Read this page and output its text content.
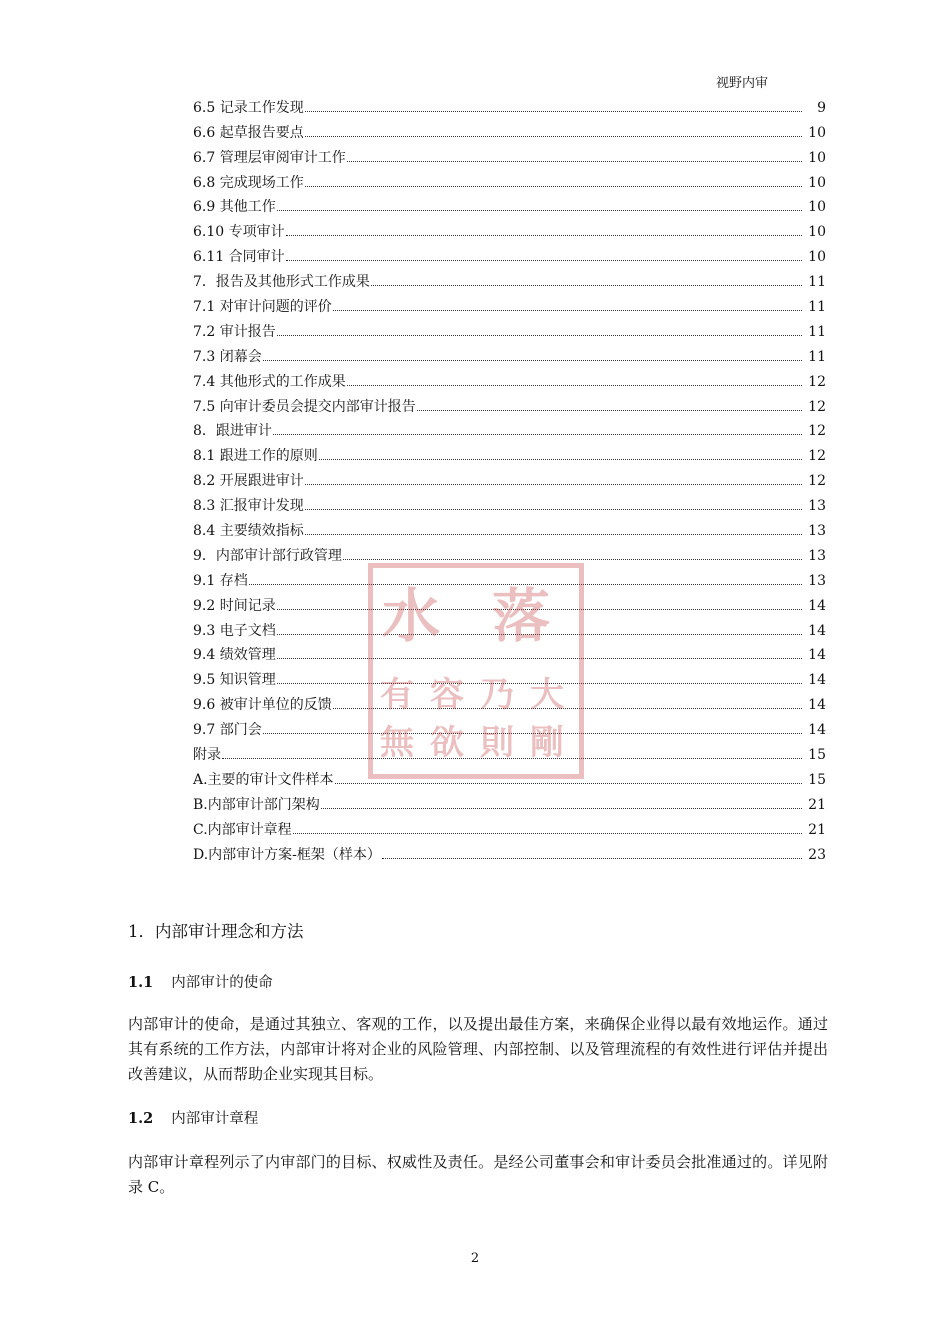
视野内审
6.5 记录工作发现	9
6.6 起草报告要点	10
6.7 管理层审阅审计工作	10
6.8 完成现场工作	10
6.9 其他工作	10
6.10 专项审计	10
6.11 合同审计	10
7．报告及其他形式工作成果	11
7.1 对审计问题的评价	11
7.2 审计报告	11
7.3 闭幕会	11
7.4 其他形式的工作成果	12
7.5 向审计委员会提交内部审计报告	12
8．跟进审计	12
8.1 跟进工作的原则	12
8.2 开展跟进审计	12
8.3 汇报审计发现	13
8.4 主要绩效指标	13
9．内部审计部行政管理	13
9.1 存档	13
9.2 时间记录	14
9.3 电子文档	14
9.4 绩效管理	14
9.5 知识管理	14
9.6 被审计单位的反馈	14
9.7 部门会	14
附录	15
A.主要的审计文件样本	15
B.内部审计部门架构	21
C.内部审计章程	21
D.内部审计方案-框架（样本）	23
水 落
有 容 乃 大
無 欲 則 剛
1．内部审计理念和方法
1.1 内部审计的使命
内部审计的使命，是通过其独立、客观的工作，以及提出最佳方案，来确保企业得以最有效地运作。通过其有系统的工作方法，内部审计将对企业的风险管理、内部控制、以及管理流程的有效性进行评估并提出改善建议，从而帮助企业实现其目标。
1.2 内部审计章程
内部审计章程列示了内审部门的目标、权威性及责任。是经公司董事会和审计委员会批准通过的。详见附录 C。
2
